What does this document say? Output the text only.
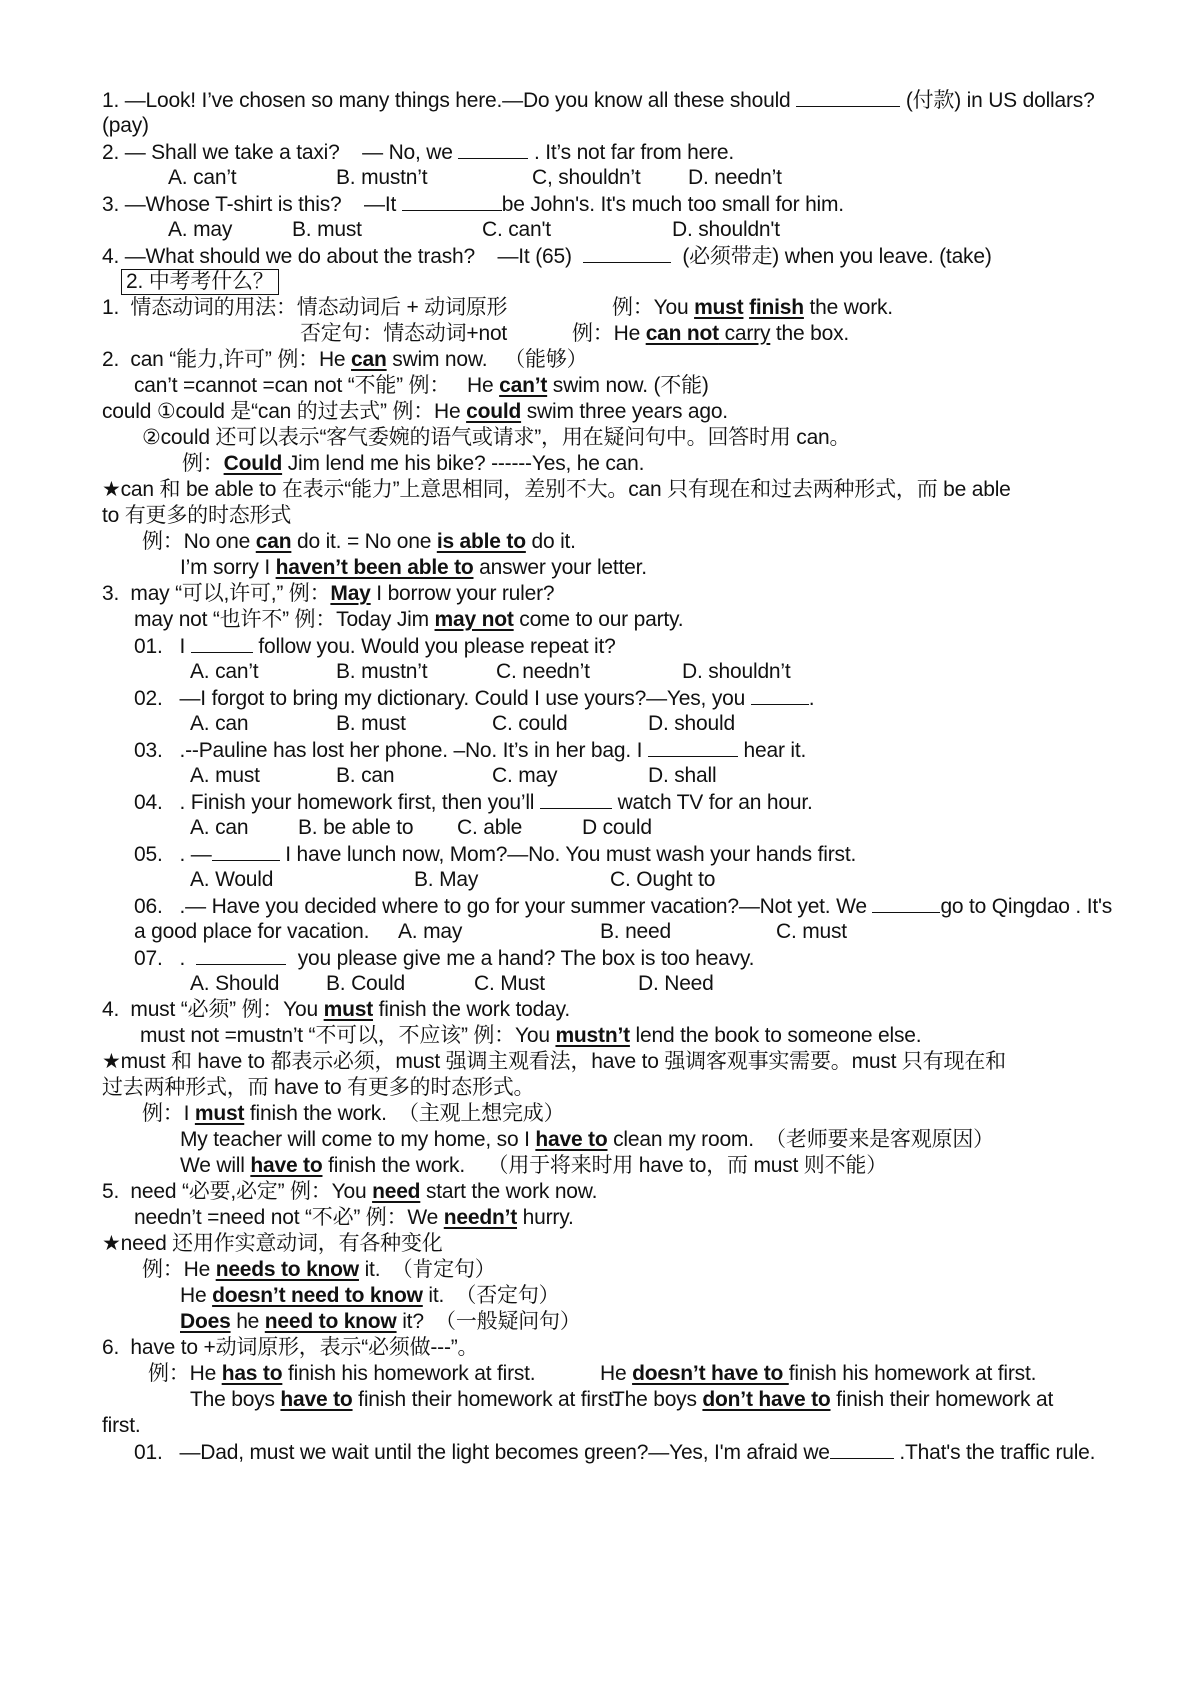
1. —Look! I’ve chosen so many things here.—Do you know all these should	(付款) in US dollars?
(pay)
2. — Shall we take a taxi?    — No, we	. It’s not far from here.
A. can’t	B. mustn’t	C, shouldn’t D. needn’t
3. —Whose T-shirt is this?    —It	be John's. It's much too small for him.
A. may	B. must	C. can't	D. shouldn't
4. —What should we do about the trash?    —It (65)	(必须带走) when you leave. (take)
2. 中考考什么？
1. 情态动词的用法：情态动词后 + 动词原形	例：You must finish the work.
否定句：情态动词+not	例：He can not carry the box.
2. can “能力,许可” 例：He can swim now.   （能够）
can’t =cannot =can not “不能” 例：   He can’t swim now. (不能)
could ①could 是“can 的过去式” 例：He could swim three years ago.
②could 还可以表示“客气委婉的语气或请求”，用在疑问句中。回答时用 can。
例：Could Jim lend me his bike? ------Yes, he can.
★can 和 be able to 在表示“能力”上意思相同，差别不大。can 只有现在和过去两种形式，而 be able
to 有更多的时态形式
例：No one can do it. = No one is able to do it.
I’m sorry I haven’t been able to answer your letter.
3. may “可以,许可,” 例：May I borrow your ruler?
may not “也许不” 例：Today Jim may not come to our party.
01. I	follow you. Would you please repeat it?
A. can’t	B. mustn’t	C. needn’t	D. shouldn’t
02. —I forgot to bring my dictionary. Could I use yours?—Yes, you	.
A. can	B. must	C. could	D. should
03. .--Pauline has lost her phone. –No. It’s in her bag. I	hear it.
A. must	B. can	C. may	D. shall
04. . Finish your homework first, then you’ll	watch TV for an hour.
A. can B. be able to C. able	D could
05. . —	I have lunch now, Mom?—No. You must wash your hands first.
A. Would	B. May	C. Ought to
06. .— Have you decided where to go for your summer vacation?—Not yet. We	go to Qingdao . It's
a good place for vacation. A. may	B. need	C. must
07. .	you please give me a hand? The box is too heavy.
A. Should B. Could	C. Must	D. Need
4. must “必须” 例：You must finish the work today.
must not =mustn’t “不可以，不应该” 例：You mustn’t lend the book to someone else.
★must 和 have to 都表示必须，must 强调主观看法，have to 强调客观事实需要。must 只有现在和
过去两种形式，而 have to 有更多的时态形式。
例：I must finish the work.  （主观上想完成）
My teacher will come to my home, so I have to clean my room.  （老师要来是客观原因）
We will have to finish the work.    （用于将来时用 have to，而 must 则不能）
5. need “必要,必定” 例：You need start the work now.
needn’t =need not “不必” 例：We needn’t hurry.
★need 还用作实意动词，有各种变化
例：He needs to know it.  （肯定句）
He doesn’t need to know it.  （否定句）
Does he need to know it?  （一般疑问句）
6. have to +动词原形，表示“必须做---”。
例：He has to finish his homework at first.	He doesn’t have to finish his homework at first.
The boys have to finish their homework at first.
The boys don’t have to finish their homework at
first.
01. —Dad, must we wait until the light becomes green?—Yes, I'm afraid we	.That's the traffic rule.
